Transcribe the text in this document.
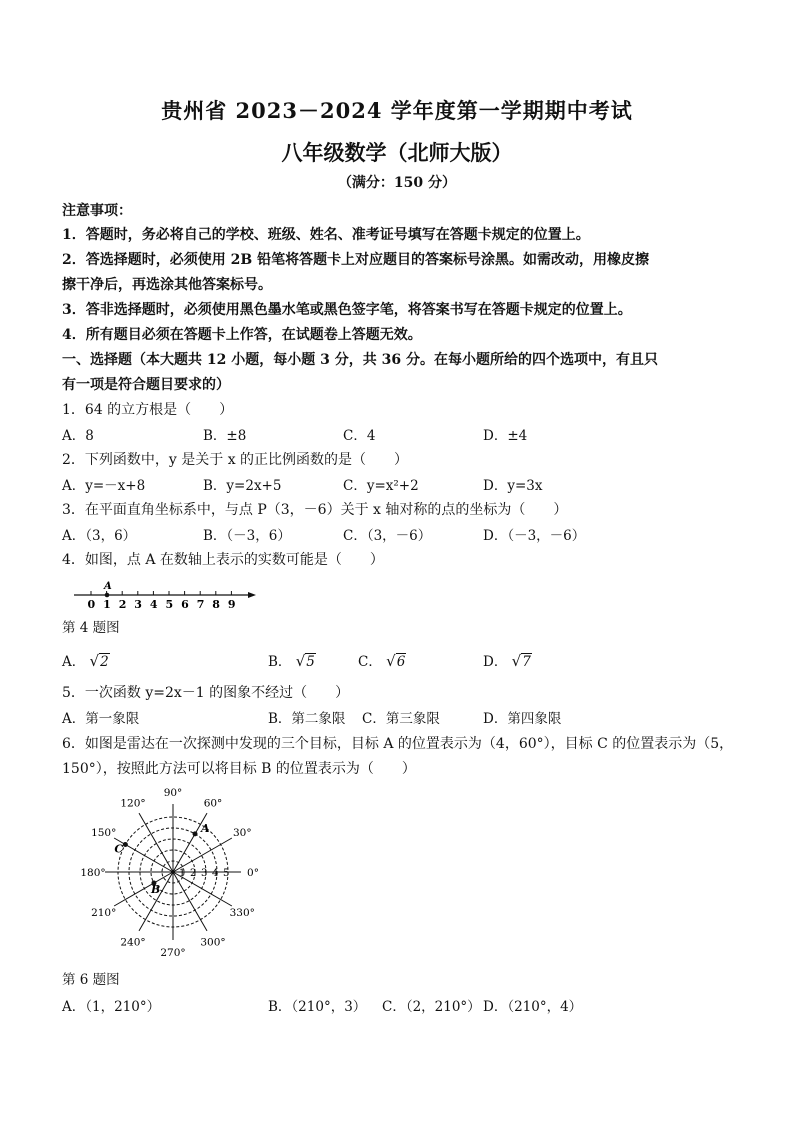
贵州省 2023－2024 学年度第一学期期中考试
八年级数学（北师大版）
（满分：150 分）
注意事项：
1．答题时，务必将自己的学校、班级、姓名、准考证号填写在答题卡规定的位置上。
2．答选择题时，必须使用 2B 铅笔将答题卡上对应题目的答案标号涂黑。如需改动，用橡皮擦
擦干净后，再选涂其他答案标号。
3．答非选择题时，必须使用黑色墨水笔或黑色签字笔，将答案书写在答题卡规定的位置上。
4．所有题目必须在答题卡上作答，在试题卷上答题无效。
一、选择题（本大题共 12 小题，每小题 3 分，共 36 分。在每小题所给的四个选项中，有且只
有一项是符合题目要求的）
1．64 的立方根是（　　）
A．8	B．±8	C．4	D．±4
2．下列函数中，y 是关于 x 的正比例函数的是（　　）
A．y=－x+8	B．y=2x+5	C．y=x²+2	D．y=3x
3．在平面直角坐标系中，与点 P（3，－6）关于 x 轴对称的点的坐标为（　　）
A．（3，6）	B．（－3，6）	C．（3，－6）	D．（－3，－6）
4．如图，点 A 在数轴上表示的实数可能是（　　）
0 1 2 3 4 5 6 7 8 9
A
第 4 题图
A． √2	B． √5	C． √6	D． √7
5．一次函数 y=2x－1 的图象不经过（　　）
A．第一象限	B．第二象限 C．第三象限	D．第四象限
6．如图是雷达在一次探测中发现的三个目标，目标 A 的位置表示为（4，60°），目标 C 的位置表示为（5，
150°），按照此方法可以将目标 B 的位置表示为（　　）
0°
30°
60°
90°
120°
150°
180°
210°
240°
270°
300°
330°
1 2 3 4 5
A
B
C
第 6 题图
A．（1，210°）	B．（210°，3） C．（2，210°） D．（210°，4）
